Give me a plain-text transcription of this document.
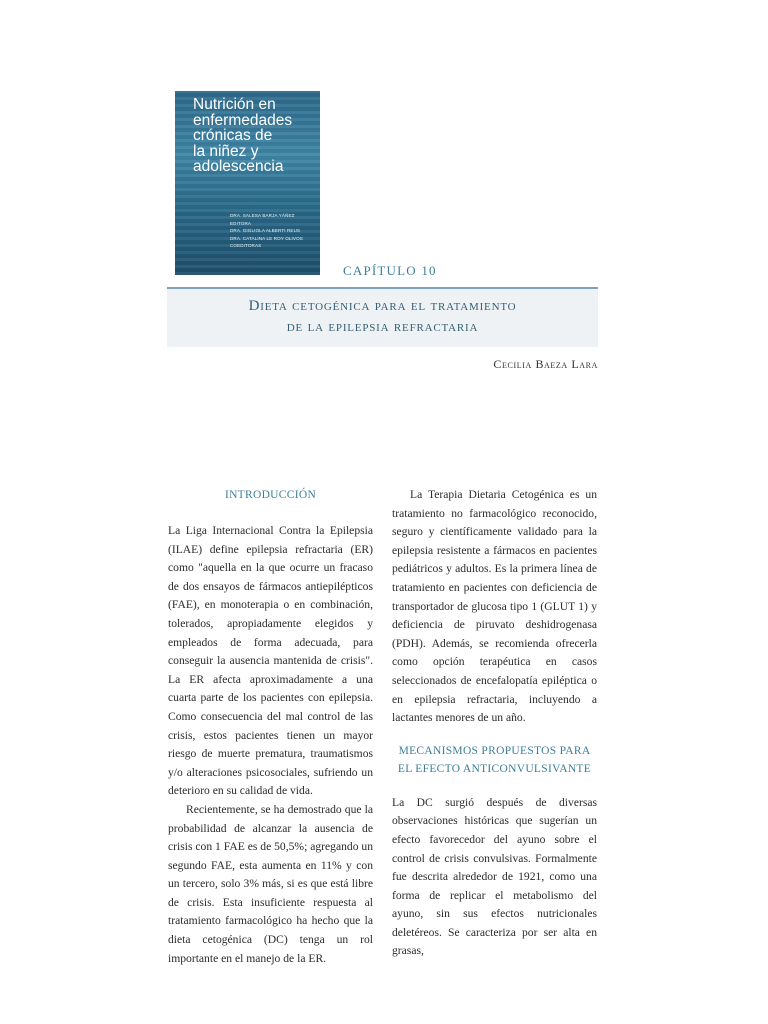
Nutrición en
enfermedades
crónicas de
la niñez y
adolescencia
DRA. SALESA BARJA YÁÑEZ
EDITORA
DRA. GIGLIOLA ALBERTI REUS
DRA. CATALINA LE ROY OLIVOS
COEDITORAS
CAPÍTULO 10
Dieta cetogénica para el tratamiento
de la epilepsia refractaria
Cecilia Baeza Lara
INTRODUCCIÓN

La Liga Internacional Contra la Epilepsia (ILAE) define epilepsia refractaria (ER) como "aquella en la que ocurre un fracaso de dos ensayos de fármacos antiepilépticos (FAE), en monoterapia o en combinación, tolerados, apropiadamente elegidos y empleados de forma adecuada, para conseguir la ausencia mantenida de crisis". La ER afecta aproximadamente a una cuarta parte de los pacientes con epilepsia. Como consecuencia del mal control de las crisis, estos pacientes tienen un mayor riesgo de muerte prematura, traumatismos y/o alteraciones psicosociales, sufriendo un deterioro en su calidad de vida.

Recientemente, se ha demostrado que la probabilidad de alcanzar la ausencia de crisis con 1 FAE es de 50,5%; agregando un segundo FAE, esta aumenta en 11% y con un tercero, solo 3% más, si es que está libre de crisis. Esta insuficiente respuesta al tratamiento farmacológico ha hecho que la dieta cetogénica (DC) tenga un rol importante en el manejo de la ER.

La Terapia Dietaria Cetogénica es un tratamiento no farmacológico reconocido, seguro y científicamente validado para la epilepsia resistente a fármacos en pacientes pediátricos y adultos. Es la primera línea de tratamiento en pacientes con deficiencia de transportador de glucosa tipo 1 (GLUT 1) y deficiencia de piruvato deshidrogenasa (PDH). Además, se recomienda ofrecerla como opción terapéutica en casos seleccionados de encefalopatía epiléptica o en epilepsia refractaria, incluyendo a lactantes menores de un año.

MECANISMOS PROPUESTOS PARA
EL EFECTO ANTICONVULSIVANTE

La DC surgió después de diversas observaciones históricas que sugerían un efecto favorecedor del ayuno sobre el control de crisis convulsivas. Formalmente fue descrita alrededor de 1921, como una forma de replicar el metabolismo del ayuno, sin sus efectos nutricionales deletéreos. Se caracteriza por ser alta en grasas,
